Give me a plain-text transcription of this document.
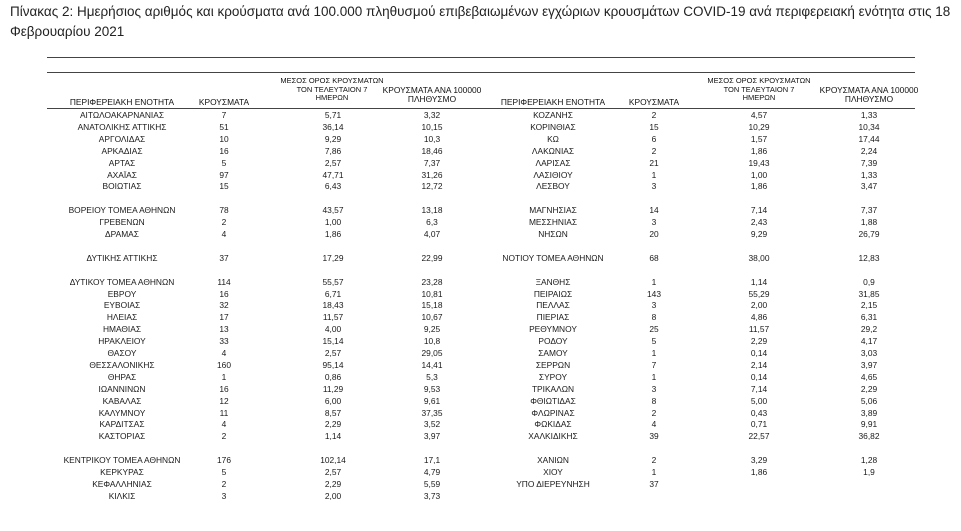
Πίνακας 2: Ημερήσιος αριθμός και κρούσματα ανά 100.000 πληθυσμού επιβεβαιωμένων εγχώριων κρουσμάτων COVID-19 ανά περιφερειακή ενότητα στις 18 Φεβρουαρίου 2021
ΠΕΡΙΦΕΡΕΙΑΚΗ ΕΝΟΤΗΤΑ	ΚΡΟΥΣΜΑΤΑ
ΜΕΣΟΣ ΟΡΟΣ ΚΡΟΥΣΜΑΤΩΝ
ΤΟΝ ΤΕΛΕΥΤΑΙΟΝ 7
ΗΜΕΡΩΝ
ΚΡΟΥΣΜΑΤΑ ΑΝΑ 100000
ΠΛΗΘΥΣΜΟ	ΠΕΡΙΦΕΡΕΙΑΚΗ ΕΝΟΤΗΤΑ	ΚΡΟΥΣΜΑΤΑ
ΜΕΣΟΣ ΟΡΟΣ ΚΡΟΥΣΜΑΤΩΝ
ΤΟΝ ΤΕΛΕΥΤΑΙΟΝ 7
ΗΜΕΡΩΝ
ΚΡΟΥΣΜΑΤΑ ΑΝΑ 100000
ΠΛΗΘΥΣΜΟ
ΑΙΤΩΛΟΑΚΑΡΝΑΝΙΑΣ	7	5,71	3,32	ΚΟΖΑΝΗΣ	2	4,57	1,33
ΑΝΑΤΟΛΙΚΗΣ ΑΤΤΙΚΗΣ	51	36,14	10,15	ΚΟΡΙΝΘΙΑΣ	15	10,29	10,34
ΑΡΓΟΛΙΔΑΣ	10	9,29	10,3	ΚΩ	6	1,57	17,44
ΑΡΚΑΔΙΑΣ	16	7,86	18,46	ΛΑΚΩΝΙΑΣ	2	1,86	2,24
ΑΡΤΑΣ	5	2,57	7,37	ΛΑΡΙΣΑΣ	21	19,43	7,39
ΑΧΑΪΑΣ	97	47,71	31,26	ΛΑΣΙΘΙΟΥ	1	1,00	1,33
ΒΟΙΩΤΙΑΣ	15	6,43	12,72	ΛΕΣΒΟΥ	3	1,86	3,47
ΒΟΡΕΙΟΥ ΤΟΜΕΑ ΑΘΗΝΩΝ	78	43,57	13,18	ΜΑΓΝΗΣΙΑΣ	14	7,14	7,37
ΓΡΕΒΕΝΩΝ	2	1,00	6,3	ΜΕΣΣΗΝΙΑΣ	3	2,43	1,88
ΔΡΑΜΑΣ	4	1,86	4,07	ΝΗΣΩΝ	20	9,29	26,79
ΔΥΤΙΚΗΣ ΑΤΤΙΚΗΣ	37	17,29	22,99	ΝΟΤΙΟΥ ΤΟΜΕΑ ΑΘΗΝΩΝ	68	38,00	12,83
ΔΥΤΙΚΟΥ ΤΟΜΕΑ ΑΘΗΝΩΝ	114	55,57	23,28	ΞΑΝΘΗΣ	1	1,14	0,9
ΕΒΡΟΥ	16	6,71	10,81	ΠΕΙΡΑΙΩΣ	143	55,29	31,85
ΕΥΒΟΙΑΣ	32	18,43	15,18	ΠΕΛΛΑΣ	3	2,00	2,15
ΗΛΕΙΑΣ	17	11,57	10,67	ΠΙΕΡΙΑΣ	8	4,86	6,31
ΗΜΑΘΙΑΣ	13	4,00	9,25	ΡΕΘΥΜΝΟΥ	25	11,57	29,2
ΗΡΑΚΛΕΙΟΥ	33	15,14	10,8	ΡΟΔΟΥ	5	2,29	4,17
ΘΑΣΟΥ	4	2,57	29,05	ΣΑΜΟΥ	1	0,14	3,03
ΘΕΣΣΑΛΟΝΙΚΗΣ	160	95,14	14,41	ΣΕΡΡΩΝ	7	2,14	3,97
ΘΗΡΑΣ	1	0,86	5,3	ΣΥΡΟΥ	1	0,14	4,65
ΙΩΑΝΝΙΝΩΝ	16	11,29	9,53	ΤΡΙΚΑΛΩΝ	3	7,14	2,29
ΚΑΒΑΛΑΣ	12	6,00	9,61	ΦΘΙΩΤΙΔΑΣ	8	5,00	5,06
ΚΑΛΥΜΝΟΥ	11	8,57	37,35	ΦΛΩΡΙΝΑΣ	2	0,43	3,89
ΚΑΡΔΙΤΣΑΣ	4	2,29	3,52	ΦΩΚΙΔΑΣ	4	0,71	9,91
ΚΑΣΤΟΡΙΑΣ	2	1,14	3,97	ΧΑΛΚΙΔΙΚΗΣ	39	22,57	36,82
ΚΕΝΤΡΙΚΟΥ ΤΟΜΕΑ ΑΘΗΝΩΝ	176	102,14	17,1	ΧΑΝΙΩΝ	2	3,29	1,28
ΚΕΡΚΥΡΑΣ	5	2,57	4,79	ΧΙΟΥ	1	1,86	1,9
ΚΕΦΑΛΛΗΝΙΑΣ	2	2,29	5,59	ΥΠΟ ΔΙΕΡΕΥΝΗΣΗ	37
ΚΙΛΚΙΣ	3	2,00	3,73
